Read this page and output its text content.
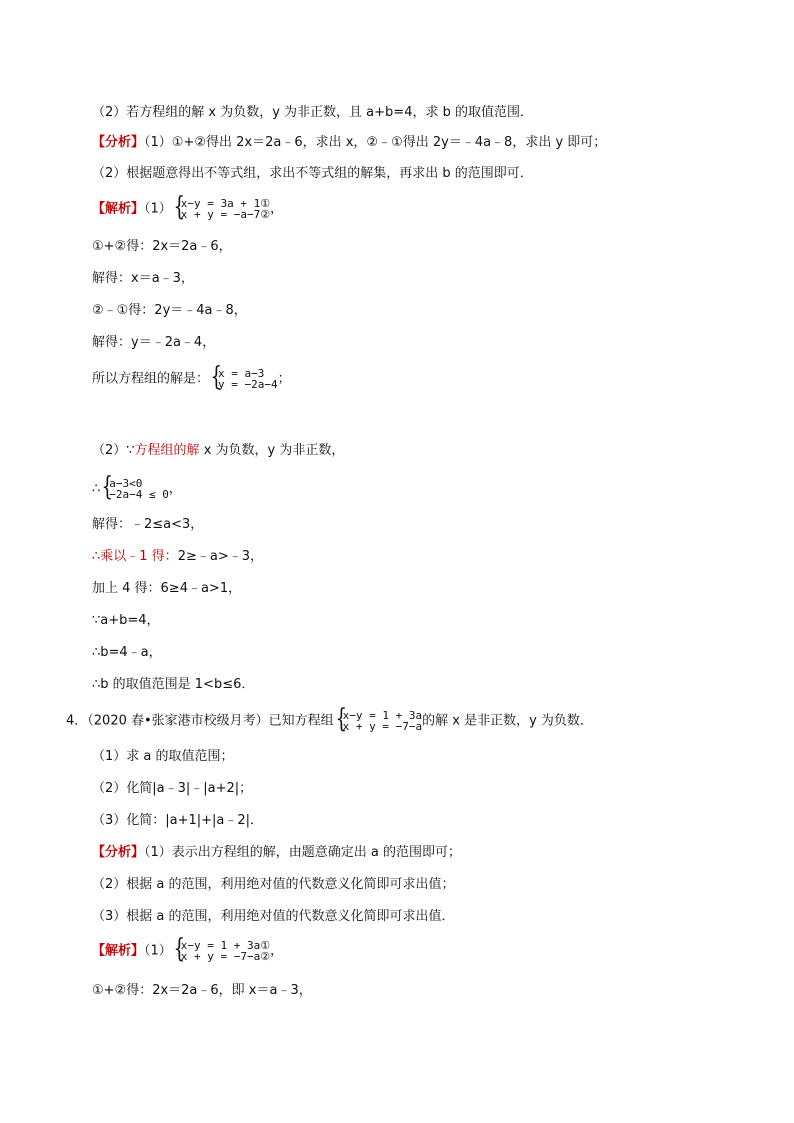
（2）若方程组的解 x 为负数，y 为非正数，且 a+b=4，求 b 的取值范围．
【分析】（1）①+②得出 2x＝2a﹣6，求出 x，②﹣①得出 2y＝﹣4a﹣8，求出 y 即可；
（2）根据题意得出不等式组，求出不等式组的解集，再求出 b 的范围即可．
【解析】（1） { x−y = 3a + 1①
x + y = −a−7② ，
①+②得：2x＝2a﹣6，
解得：x＝a﹣3，
②﹣①得：2y＝﹣4a﹣8，
解得：y＝﹣2a﹣4，
所以方程组的解是： { x = a−3
y = −2a−4 ；
（2）∵方程组的解 x 为负数，y 为非正数，
∴ { a−3<0
−2a−4 ≤ 0 ，
解得：﹣2≤a<3，
∴乘以﹣1 得：2≥﹣a>﹣3，
加上 4 得：6≥4﹣a>1，
∵a+b=4，
∴b=4﹣a，
∴b 的取值范围是 1<b≤6．
4．（2020 春•张家港市校级月考）已知方程组 { x−y = 1 + 3a
x + y = −7−a 的解 x 是非正数，y 为负数．
（1）求 a 的取值范围；
（2）化简|a﹣3|﹣|a+2|；
（3）化简：|a+1|+|a﹣2|．
【分析】（1）表示出方程组的解，由题意确定出 a 的范围即可；
（2）根据 a 的范围，利用绝对值的代数意义化简即可求出值；
（3）根据 a 的范围，利用绝对值的代数意义化简即可求出值．
【解析】（1） { x−y = 1 + 3a①
x + y = −7−a② ，
①+②得：2x＝2a﹣6，即 x＝a﹣3，
